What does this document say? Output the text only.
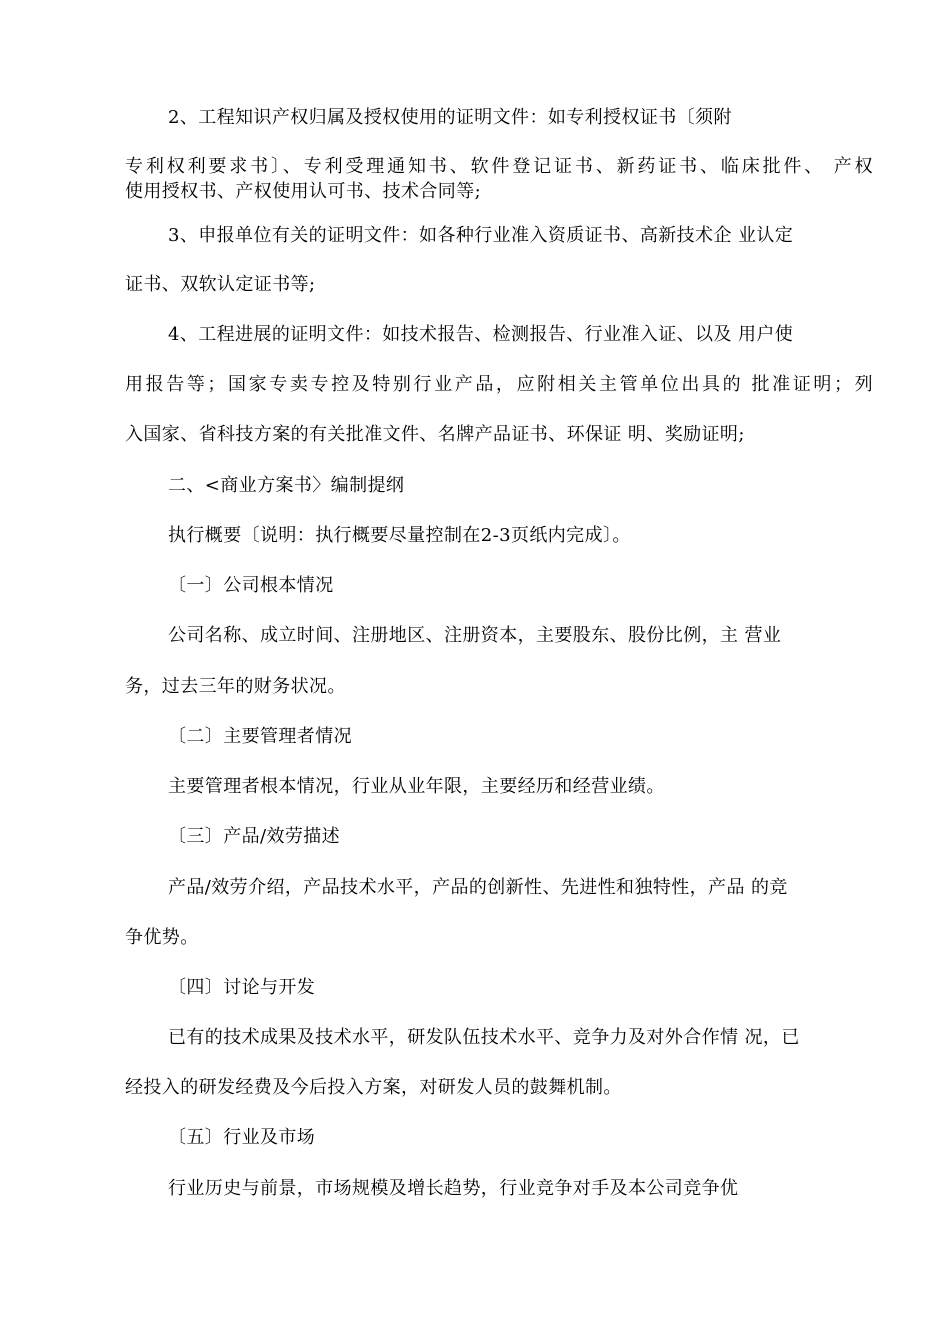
2、工程知识产权归属及授权使用的证明文件：如专利授权证书〔须附

专利权利要求书〕、专利受理通知书、软件登记证书、新药证书、临床批件、 产权

使用授权书、产权使用认可书、技术合同等;

3、申报单位有关的证明文件：如各种行业准入资质证书、高新技术企 业认定

证书、双软认定证书等;

4、工程进展的证明文件：如技术报告、检测报告、行业准入证、以及 用户使

用报告等；国家专卖专控及特别行业产品，应附相关主管单位出具的 批准证明；列

入国家、省科技方案的有关批准文件、名牌产品证书、环保证 明、奖励证明;

二、<商业方案书〉编制提纲

执行概要〔说明：执行概要尽量控制在2-3页纸内完成〕。

〔一〕公司根本情况

公司名称、成立时间、注册地区、注册资本，主要股东、股份比例，主 营业

务，过去三年的财务状况。

〔二〕主要管理者情况

主要管理者根本情况，行业从业年限，主要经历和经营业绩。

〔三〕产品/效劳描述

产品/效劳介绍，产品技术水平，产品的创新性、先进性和独特性，产品 的竞

争优势。

〔四〕讨论与开发

已有的技术成果及技术水平，研发队伍技术水平、竞争力及对外合作情 况，已

经投入的研发经费及今后投入方案，对研发人员的鼓舞机制。

〔五〕行业及市场

行业历史与前景，市场规模及增长趋势，行业竞争对手及本公司竞争优
